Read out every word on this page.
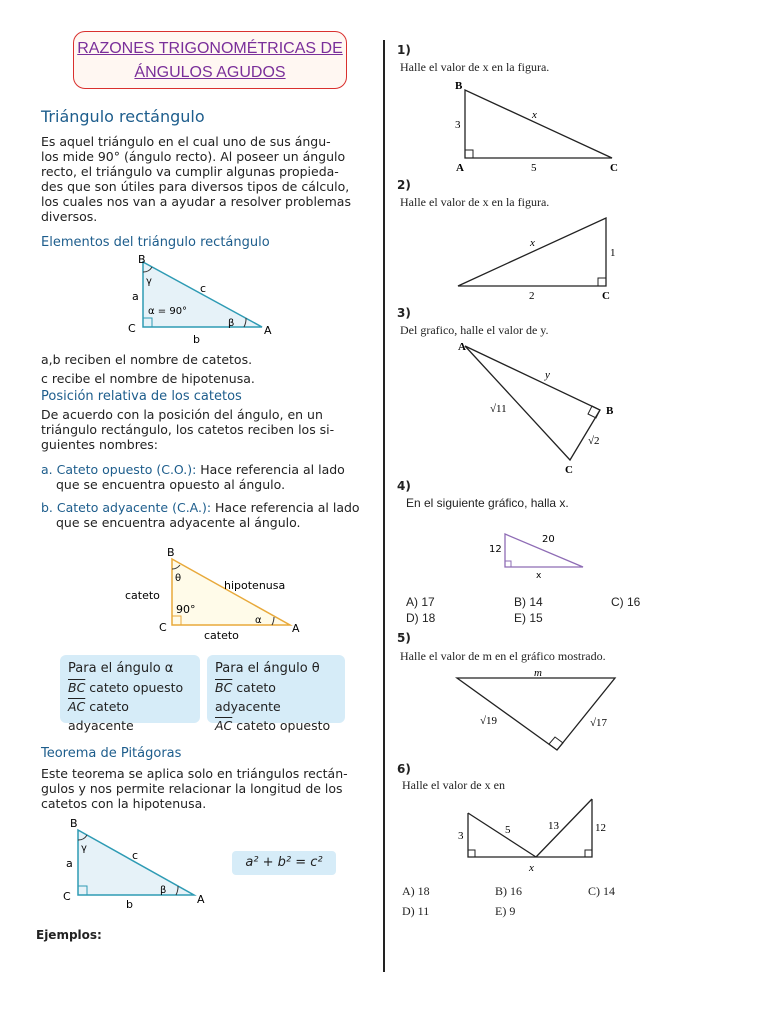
RAZONES TRIGONOMÉTRICAS DE
ÁNGULOS AGUDOS
Triángulo rectángulo
Es aquel triángulo en el cual uno de sus ángu-
los mide 90° (ángulo recto). Al poseer un ángulo
recto, el triángulo va cumplir algunas propieda-
des que son útiles para diversos tipos de cálculo,
los cuales nos van a ayudar a resolver problemas
diversos.
Elementos del triángulo rectángulo
B
C	A
a
b
c
γ
β
α = 90°
a,b reciben el nombre de catetos.
c recibe el nombre de hipotenusa.
Posición relativa de los catetos
De acuerdo con la posición del ángulo, en un
triángulo rectángulo, los catetos reciben los si-
guientes nombres:
a. Cateto opuesto (C.O.): Hace referencia al lado
que se encuentra opuesto al ángulo.
b. Cateto adyacente (C.A.): Hace referencia al lado
que se encuentra adyacente al ángulo.
B
C	A
θ
α
90°
cateto
cateto
hipotenusa
Para el ángulo α
$\overline{BC}$ cateto opuesto
$\overline{AC}$ cateto adyacente
Para el ángulo θ
$\overline{BC}$ cateto adyacente
$\overline{AC}$ cateto opuesto
Teorema de Pitágoras
Este teorema se aplica solo en triángulos rectán-
gulos y nos permite relacionar la longitud de los
catetos con la hipotenusa.
B
C	A
a
b
c
γ
β
a² + b² = c²
Ejemplos:
1)
Halle el valor de x en la figura.
B
A	C
3
5
x
2)
Halle el valor de x en la figura.
C
1
2
x
3)
Del grafico, halle el valor de y.
A
B
C
√11
y
√2
4)
En el siguiente gráfico, halla x.
12
20
x
A) 17	B) 14	C) 16
D) 18	E) 15
5)
Halle el valor de m en el gráfico mostrado.
m
√19	√17
6)
Halle el valor de x en
3	5	13	12
x
A) 18	B) 16	C) 14
D) 11	E) 9
